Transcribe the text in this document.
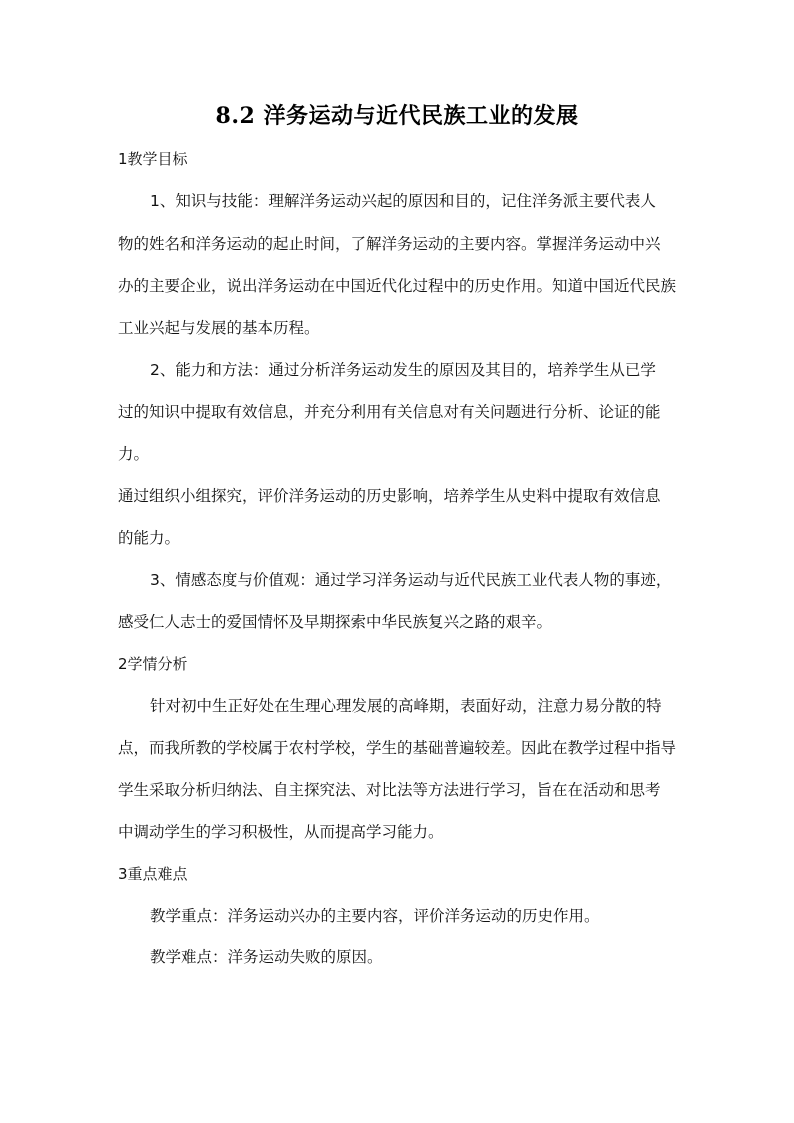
8.2 洋务运动与近代民族工业的发展
1教学目标
1、知识与技能：理解洋务运动兴起的原因和目的，记住洋务派主要代表人
物的姓名和洋务运动的起止时间，了解洋务运动的主要内容。掌握洋务运动中兴
办的主要企业，说出洋务运动在中国近代化过程中的历史作用。知道中国近代民族
工业兴起与发展的基本历程。
2、能力和方法：通过分析洋务运动发生的原因及其目的，培养学生从已学
过的知识中提取有效信息，并充分利用有关信息对有关问题进行分析、论证的能
力。
通过组织小组探究，评价洋务运动的历史影响，培养学生从史料中提取有效信息
的能力。
3、情感态度与价值观：通过学习洋务运动与近代民族工业代表人物的事迹，
感受仁人志士的爱国情怀及早期探索中华民族复兴之路的艰辛。
2学情分析
针对初中生正好处在生理心理发展的高峰期，表面好动，注意力易分散的特
点，而我所教的学校属于农村学校，学生的基础普遍较差。因此在教学过程中指导
学生采取分析归纳法、自主探究法、对比法等方法进行学习，旨在在活动和思考
中调动学生的学习积极性，从而提高学习能力。
3重点难点
教学重点：洋务运动兴办的主要内容，评价洋务运动的历史作用。
教学难点：洋务运动失败的原因。
